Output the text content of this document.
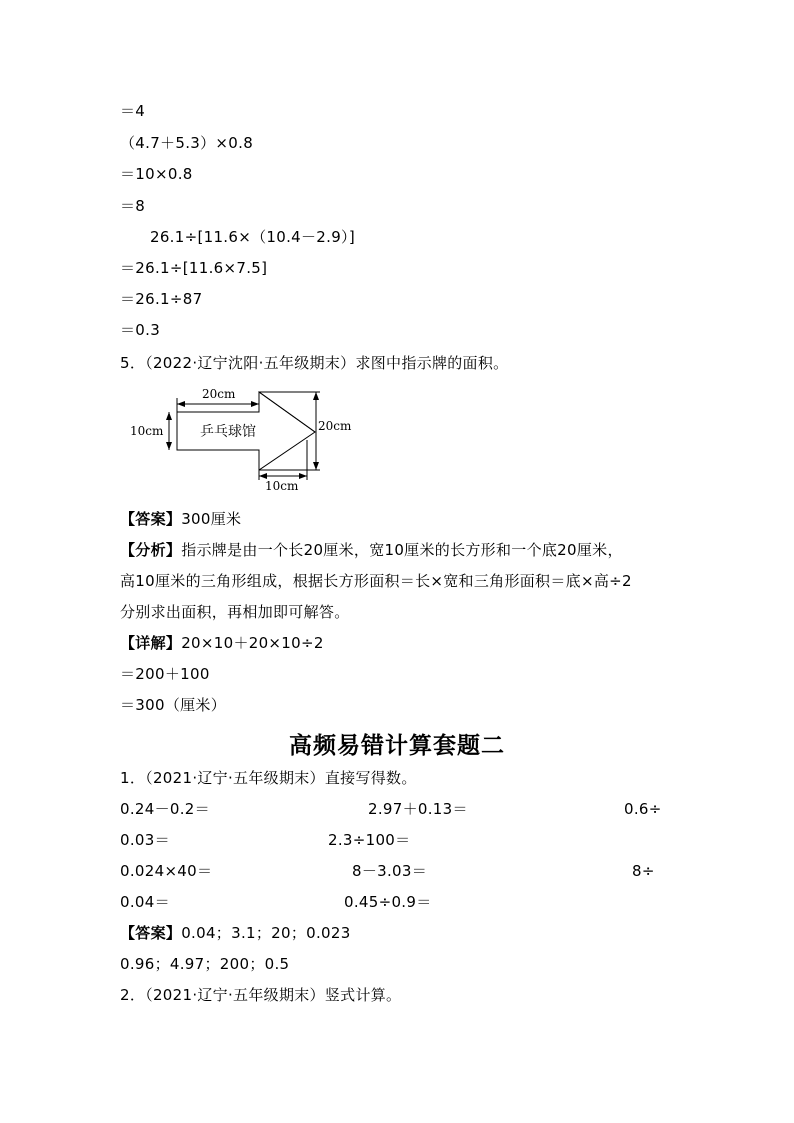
＝4
（4.7＋5.3）×0.8
＝10×0.8
＝8
26.1÷[11.6×（10.4－2.9）]
＝26.1÷[11.6×7.5]
＝26.1÷87
＝0.3
5．（2022·辽宁沈阳·五年级期末）求图中指示牌的面积。
乒乓球馆
20cm
10cm	20cm
10cm
【答案】300厘米
【分析】指示牌是由一个长20厘米，宽10厘米的长方形和一个底20厘米，
高10厘米的三角形组成，根据长方形面积＝长×宽和三角形面积＝底×高÷2
分别求出面积，再相加即可解答。
【详解】20×10＋20×10÷2
＝200＋100
＝300（厘米）
高频易错计算套题二
1．（2021·辽宁·五年级期末）直接写得数。
0.24－0.2＝	2.97＋0.13＝	0.6÷
0.03＝	2.3÷100＝
0.024×40＝	8－3.03＝	8÷
0.04＝	0.45÷0.9＝
【答案】0.04；3.1；20；0.023
0.96；4.97；200；0.5
2．（2021·辽宁·五年级期末）竖式计算。
